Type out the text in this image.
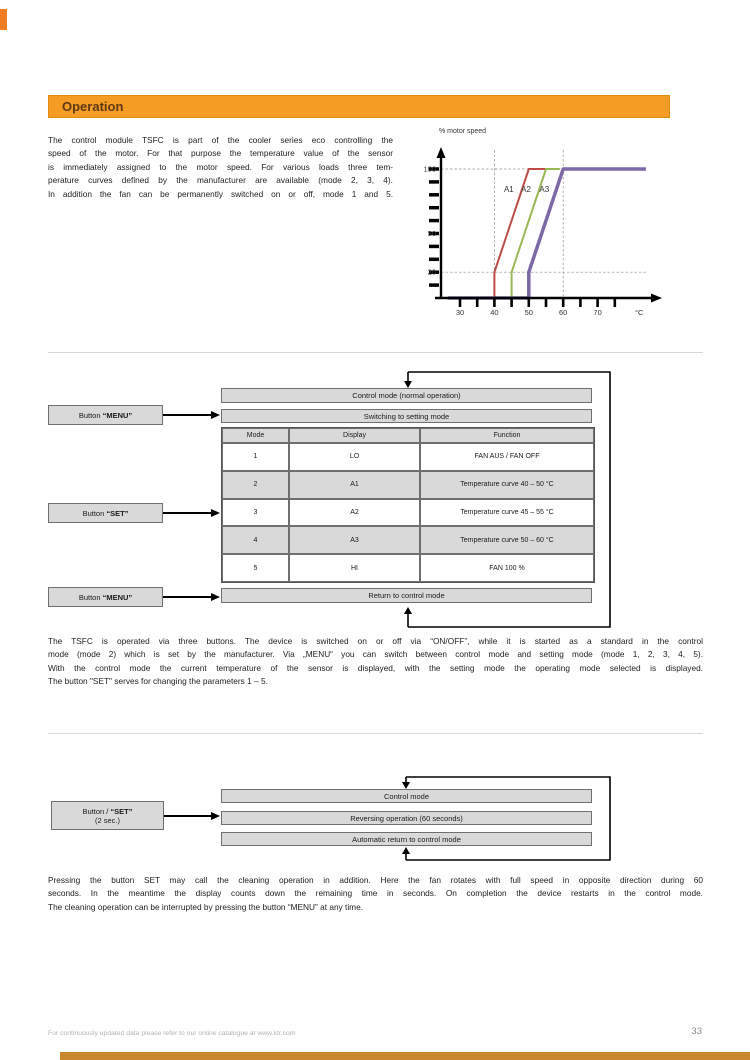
Operation
The control module TSFC is part of the cooler series eco controlling the
speed of the motor. For that purpose the temperature value of the sensor
is immediately assigned to the motor speed. For various loads three tem-
perature curves defined by the manufacturer are available (mode 2, 3, 4).
In addition the fan can be permanently switched on or off, mode 1 and 5.
20
50
100
30	40	50	60	70	°C
% motor speed
A1 A2 A3
Control mode (normal operation)
Switching to setting mode
Mode	Display	Function
1	LO	FAN AUS / FAN OFF
2	A1	Temperature curve 40 – 50 °C
3	A2	Temperature curve 45 – 55 °C
4	A3	Temperature curve 50 – 60 °C
5	HI	FAN 100 %
Return to control mode
Button “MENU”
Button “SET”
Button “MENU”
The TSFC is operated via three buttons. The device is switched on or off via “ON/OFF”, while it is started as a standard in the control
mode (mode 2) which is set by the manufacturer. Via „MENU“ you can switch between control mode and setting mode (mode 1, 2, 3, 4, 5).
With the control mode the current temperature of the sensor is displayed, with the setting mode the operating mode selected is displayed.
The button "SET" serves for changing the parameters 1 – 5.
Control mode
Reversing operation (60 seconds)
Automatic return to control mode
Button / “SET”
(2 sec.)
Pressing the button SET may call the cleaning operation in addition. Here the fan rotates with full speed in opposite direction during 60
seconds. In the meantime the display counts down the remaining time in seconds. On completion the device restarts in the control mode.
The cleaning operation can be interrupted by pressing the button “MENU” at any time.
For continuously updated data please refer to our online catalogue at www.ktr.com	33
